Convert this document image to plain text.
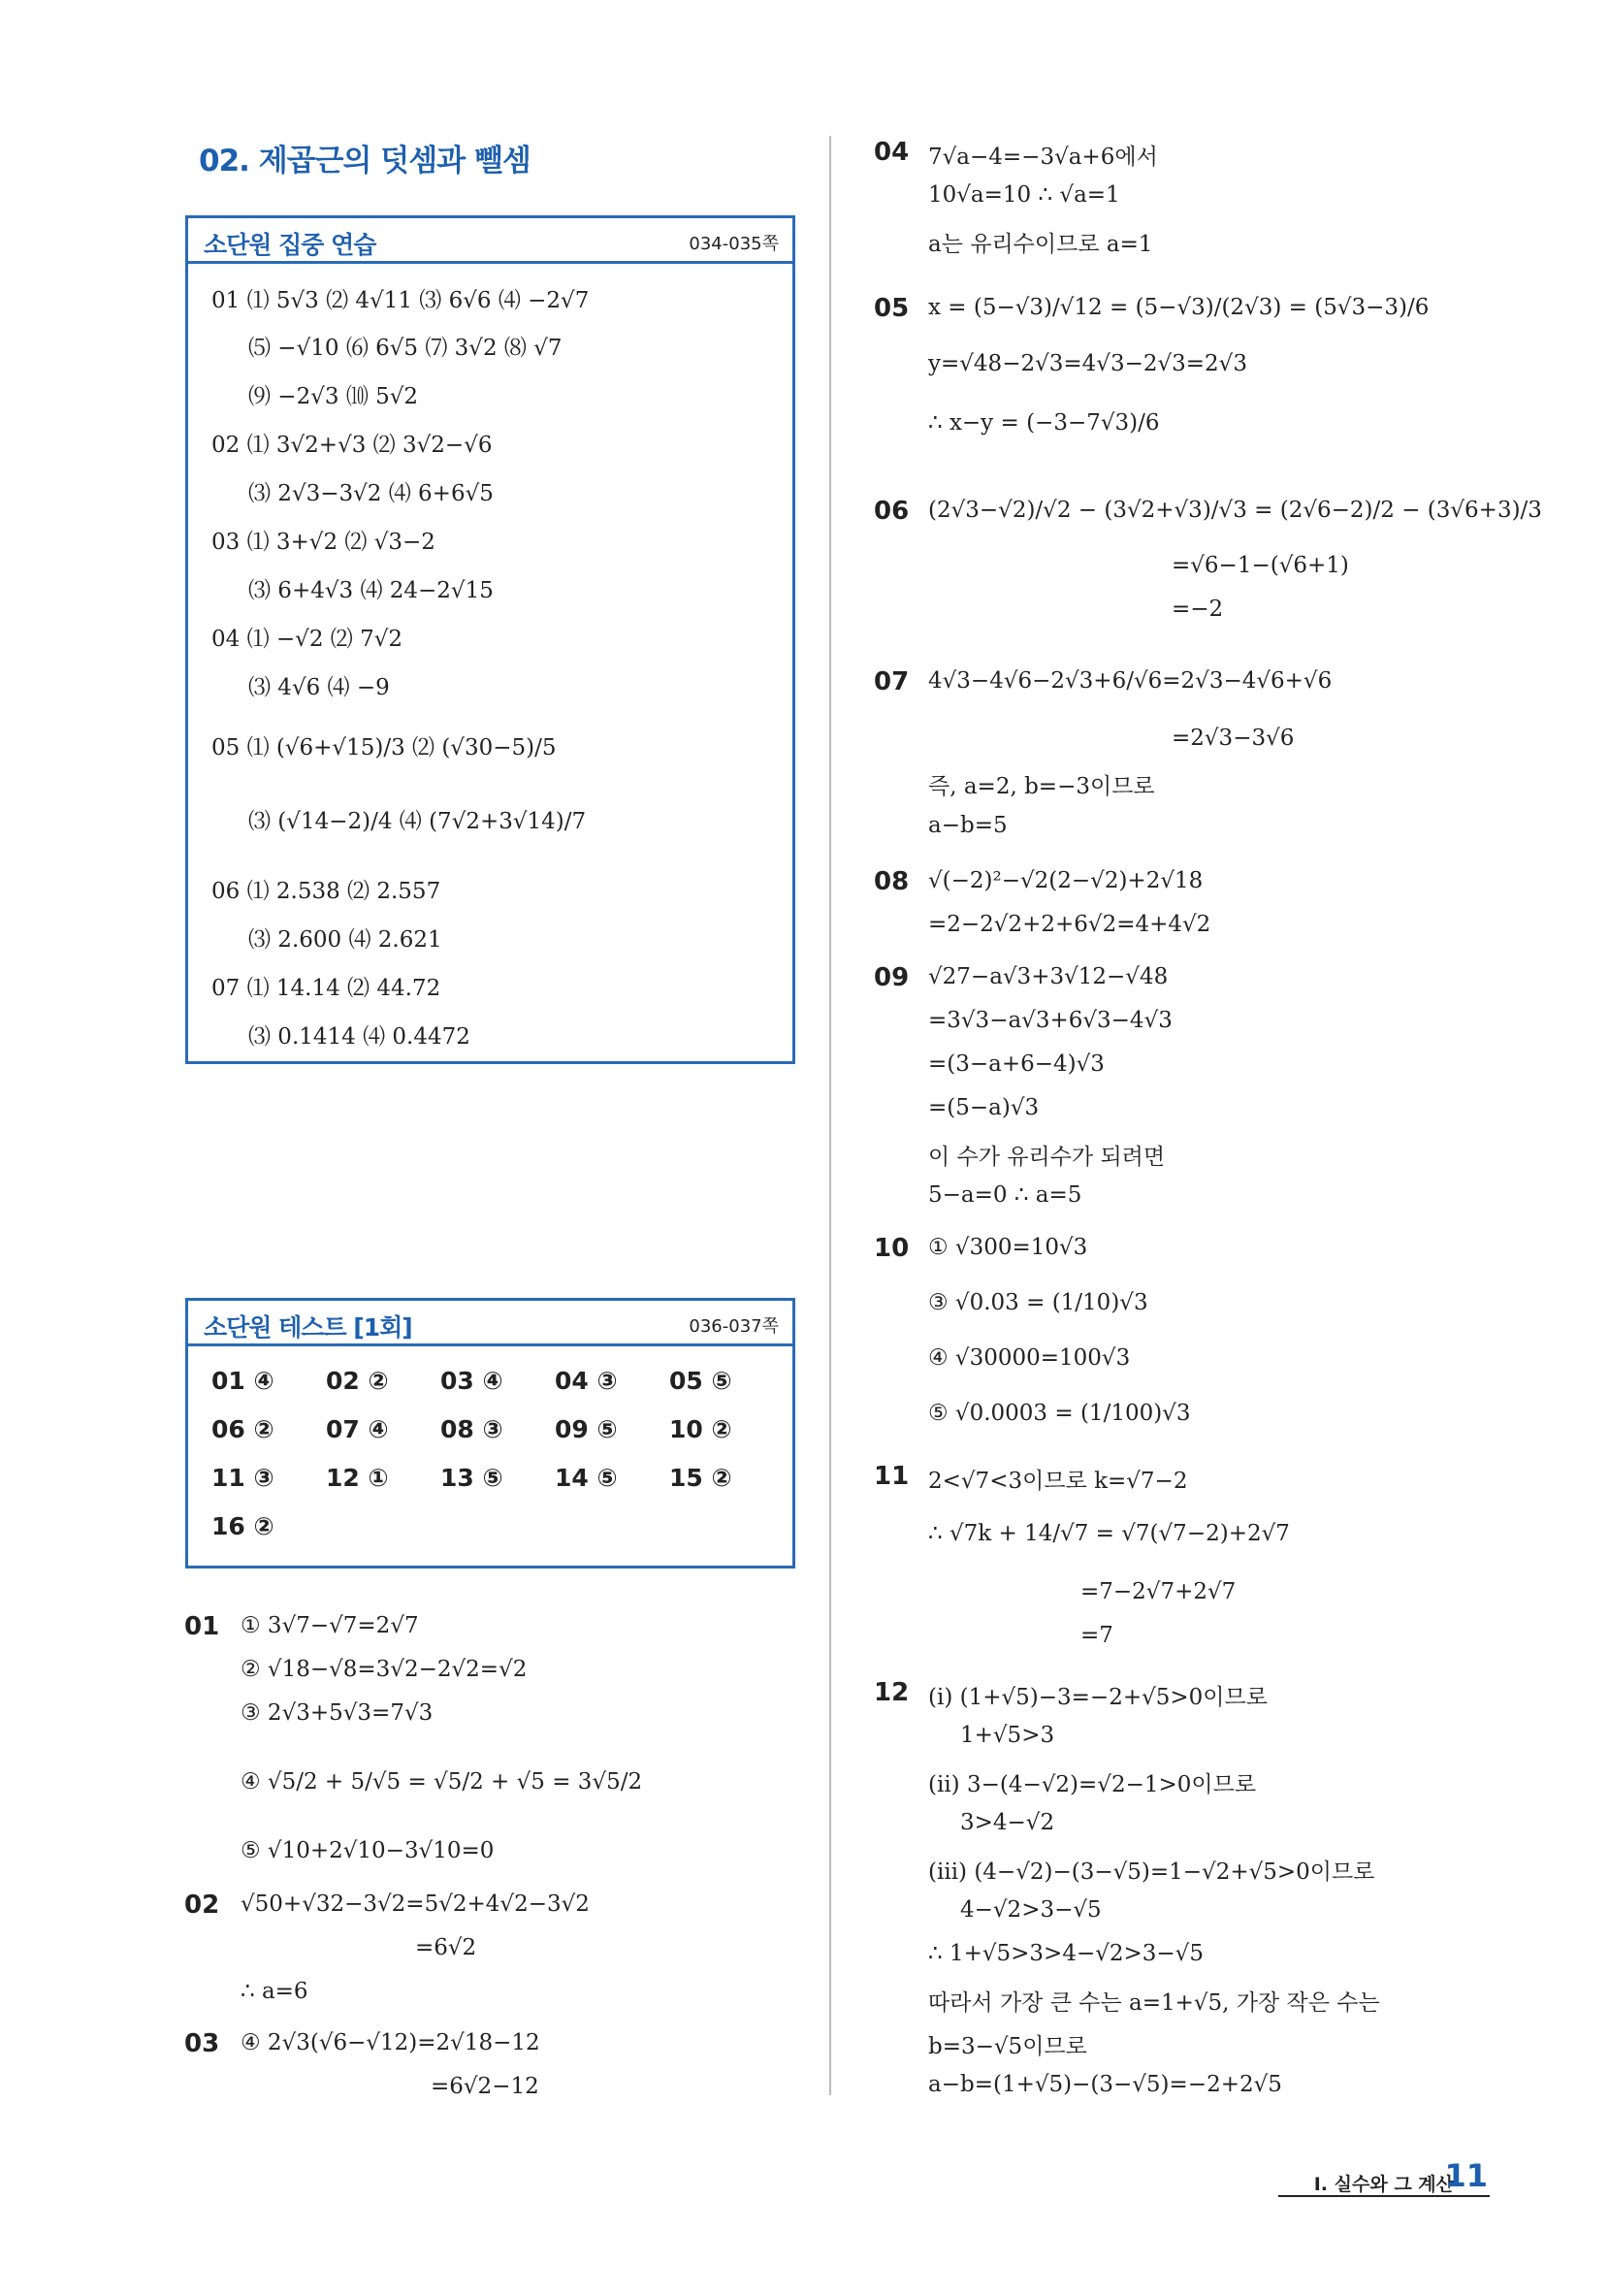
02. 제곱근의 덧셈과 뺄셈
소단원 집중 연습	034-035쪽
01 ⑴ 5√3 ⑵ 4√11 ⑶ 6√6 ⑷ −2√7
⑸ −√10 ⑹ 6√5 ⑺ 3√2 ⑻ √7
⑼ −2√3 ⑽ 5√2
02 ⑴ 3√2+√3 ⑵ 3√2−√6
⑶ 2√3−3√2 ⑷ 6+6√5
03 ⑴ 3+√2 ⑵ √3−2
⑶ 6+4√3 ⑷ 24−2√15
04 ⑴ −√2 ⑵ 7√2
⑶ 4√6 ⑷ −9
05 ⑴ (√6+√15)/3 ⑵ (√30−5)/5
⑶ (√14−2)/4 ⑷ (7√2+3√14)/7
06 ⑴ 2.538 ⑵ 2.557
⑶ 2.600 ⑷ 2.621
07 ⑴ 14.14 ⑵ 44.72
⑶ 0.1414 ⑷ 0.4472
소단원 테스트 [1회]	036-037쪽
01 ④ 02 ② 03 ④ 04 ③ 05 ⑤
06 ② 07 ④ 08 ③ 09 ⑤ 10 ②
11 ③ 12 ① 13 ⑤ 14 ⑤ 15 ②
16 ②
01 ① 3√7−√7=2√7
② √18−√8=3√2−2√2=√2
③ 2√3+5√3=7√3
④ √5/2 + 5/√5 = √5/2 + √5 = 3√5/2
⑤ √10+2√10−3√10=0
02 √50+√32−3√2=5√2+4√2−3√2
=6√2
∴ a=6
03 ④ 2√3(√6−√12)=2√18−12
=6√2−12
04 7√a−4=−3√a+6에서
10√a=10 ∴ √a=1
a는 유리수이므로 a=1
05 x = (5−√3)/√12 = (5−√3)/(2√3) = (5√3−3)/6
y=√48−2√3=4√3−2√3=2√3
∴ x−y = (−3−7√3)/6
06 (2√3−√2)/√2 − (3√2+√3)/√3 = (2√6−2)/2 − (3√6+3)/3
=√6−1−(√6+1)
=−2
07 4√3−4√6−2√3+6/√6=2√3−4√6+√6
=2√3−3√6
즉, a=2, b=−3이므로
a−b=5
08 √(−2)²−√2(2−√2)+2√18
=2−2√2+2+6√2=4+4√2
09 √27−a√3+3√12−√48
=3√3−a√3+6√3−4√3
=(3−a+6−4)√3
=(5−a)√3
이 수가 유리수가 되려면
5−a=0 ∴ a=5
10 ① √300=10√3
③ √0.03 = (1/10)√3
④ √30000=100√3
⑤ √0.0003 = (1/100)√3
11 2<√7<3이므로 k=√7−2
∴ √7k + 14/√7 = √7(√7−2)+2√7
=7−2√7+2√7
=7
12 (ⅰ) (1+√5)−3=−2+√5>0이므로
1+√5>3
(ⅱ) 3−(4−√2)=√2−1>0이므로
3>4−√2
(ⅲ) (4−√2)−(3−√5)=1−√2+√5>0이므로
4−√2>3−√5
∴ 1+√5>3>4−√2>3−√5
따라서 가장 큰 수는 a=1+√5, 가장 작은 수는
b=3−√5이므로
a−b=(1+√5)−(3−√5)=−2+2√5
Ⅰ. 실수와 그 계산
11
